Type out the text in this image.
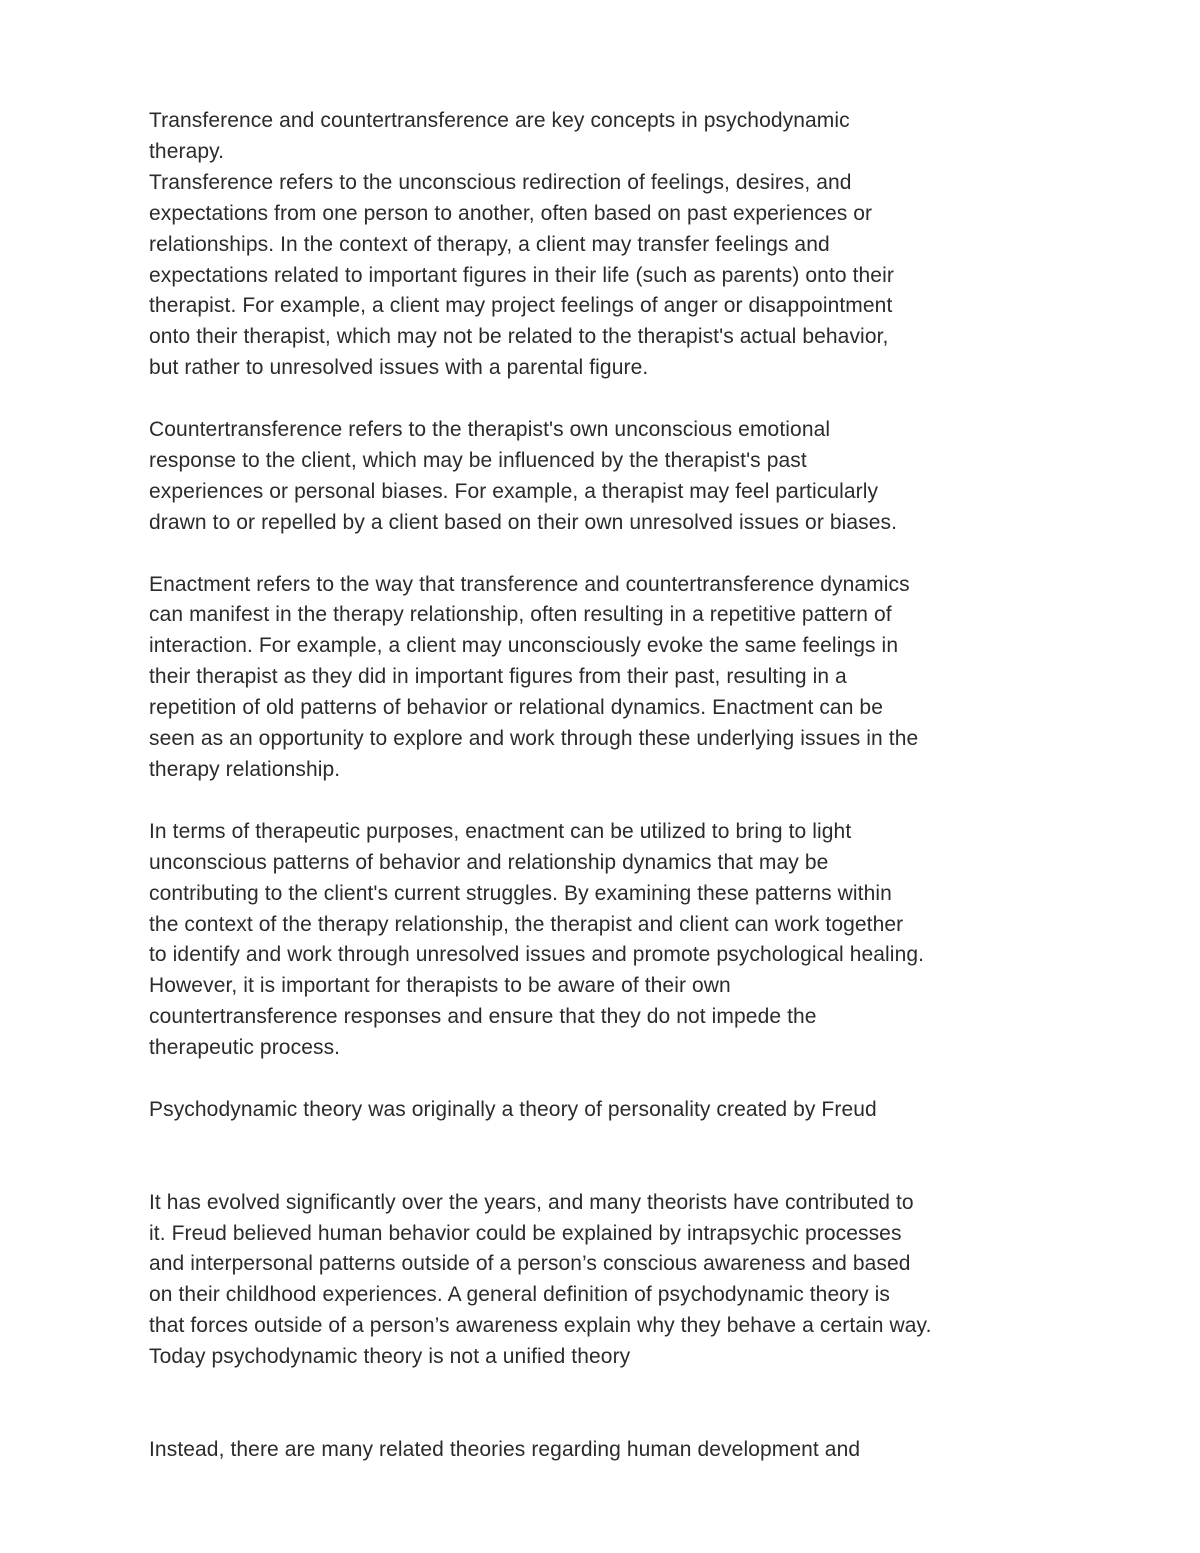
Transference and countertransference are key concepts in psychodynamic
therapy.
Transference refers to the unconscious redirection of feelings, desires, and
expectations from one person to another, often based on past experiences or
relationships. In the context of therapy, a client may transfer feelings and
expectations related to important figures in their life (such as parents) onto their
therapist. For example, a client may project feelings of anger or disappointment
onto their therapist, which may not be related to the therapist's actual behavior,
but rather to unresolved issues with a parental figure.

Countertransference refers to the therapist's own unconscious emotional
response to the client, which may be influenced by the therapist's past
experiences or personal biases. For example, a therapist may feel particularly
drawn to or repelled by a client based on their own unresolved issues or biases.

Enactment refers to the way that transference and countertransference dynamics
can manifest in the therapy relationship, often resulting in a repetitive pattern of
interaction. For example, a client may unconsciously evoke the same feelings in
their therapist as they did in important figures from their past, resulting in a
repetition of old patterns of behavior or relational dynamics. Enactment can be
seen as an opportunity to explore and work through these underlying issues in the
therapy relationship.

In terms of therapeutic purposes, enactment can be utilized to bring to light
unconscious patterns of behavior and relationship dynamics that may be
contributing to the client's current struggles. By examining these patterns within
the context of the therapy relationship, the therapist and client can work together
to identify and work through unresolved issues and promote psychological healing.
However, it is important for therapists to be aware of their own
countertransference responses and ensure that they do not impede the
therapeutic process.

Psychodynamic theory was originally a theory of personality created by Freud

It has evolved significantly over the years, and many theorists have contributed to
it. Freud believed human behavior could be explained by intrapsychic processes
and interpersonal patterns outside of a person’s conscious awareness and based
on their childhood experiences. A general definition of psychodynamic theory is
that forces outside of a person’s awareness explain why they behave a certain way.
Today psychodynamic theory is not a unified theory

Instead, there are many related theories regarding human development and
